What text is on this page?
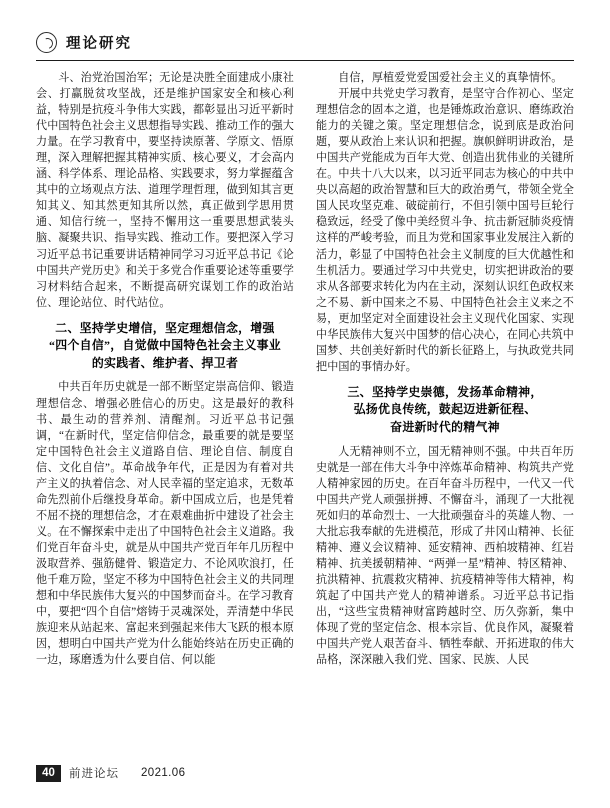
理论研究

斗、治党治国治军；无论是决胜全面建成小康社会、打赢脱贫攻坚战，还是维护国家安全和核心利益，特别是抗疫斗争伟大实践，都彰显出习近平新时代中国特色社会主义思想指导实践、推动工作的强大力量。在学习教育中，要坚持读原著、学原文、悟原理，深入理解把握其精神实质、核心要义，才会高内涵、科学体系、理论品格、实践要求，努力掌握蕴含其中的立场观点方法、道理学理哲理，做到知其言更知其义、知其然更知其所以然，真正做到学思用贯通、知信行统一，坚持不懈用这一重要思想武装头脑、凝聚共识、指导实践、推动工作。要把深入学习习近平总书记重要讲话精神同学习习近平总书记《论中国共产党历史》和关于多党合作重要论述等重要学习材料结合起来，不断提高研究谋划工作的政治站位、理论站位、时代站位。

二、坚持学史增信，坚定理想信念，增强
“四个自信”，自觉做中国特色社会主义事业
的实践者、维护者、捍卫者

中共百年历史就是一部不断坚定崇高信仰、锻造理想信念、增强必胜信心的历史。这是最好的教科书、最生动的营养剂、清醒剂。习近平总书记强调，“在新时代，坚定信仰信念，最重要的就是要坚定中国特色社会主义道路自信、理论自信、制度自信、文化自信”。革命战争年代，正是因为有着对共产主义的执着信念、对人民幸福的坚定追求，无数革命先烈前仆后继投身革命。新中国成立后，也是凭着不屈不挠的理想信念，才在艰难曲折中建设了社会主义。在不懈探索中走出了中国特色社会主义道路。我们党百年奋斗史，就是从中国共产党百年年几历程中汲取营养、强筋健骨、锻造定力、不论风吹浪打，任他千难万险，坚定不移为中国特色社会主义的共同理想和中华民族伟大复兴的中国梦而奋斗。在学习教育中，要把“四个自信”熔铸于灵魂深处，弄清楚中华民族迎来从站起来、富起来到强起来伟大飞跃的根本原因，想明白中国共产党为什么能始终站在历史正确的一边，琢磨透为什么要自信、何以能

自信，厚植爱党爱国爱社会主义的真挚情怀。

开展中共党史学习教育，是坚守合作初心、坚定理想信念的固本之道，也是锤炼政治意识、磨练政治能力的关键之策。坚定理想信念，说到底是政治问题，要从政治上来认识和把握。旗帜鲜明讲政治，是中国共产党能成为百年大党、创造出犹伟业的关键所在。中共十八大以来，以习近平同志为核心的中共中央以高超的政治智慧和巨大的政治勇气，带领全党全国人民攻坚克难、破碇前行，不但引领中国号巨轮行稳致远，经受了像中美经贸斗争、抗击新冠肺炎疫情这样的严峻考验，而且为党和国家事业发展注入新的活力，彰显了中国特色社会主义制度的巨大优越性和生机活力。要通过学习中共党史，切实把讲政治的要求从各部要求转化为内在主动，深刻认识红色政权来之不易、新中国来之不易、中国特色社会主义来之不易，更加坚定对全面建设社会主义现代化国家、实现中华民族伟大复兴中国梦的信心决心，在同心共筑中国梦、共创美好新时代的新长征路上，与执政党共同把中国的事情办好。

三、坚持学史崇德，发扬革命精神，
弘扬优良传统，鼓起迈进新征程、
奋进新时代的精气神

人无精神则不立，国无精神则不强。中共百年历史就是一部在伟大斗争中淬炼革命精神、构筑共产党人精神家园的历史。在百年奋斗历程中，一代又一代中国共产党人顽强拼搏、不懈奋斗，涌现了一大批视死如归的革命烈士、一大批顽强奋斗的英雄人物、一大批忘我奉献的先进模范，形成了井冈山精神、长征精神、遵义会议精神、延安精神、西柏坡精神、红岩精神、抗美援朝精神、“两弹一星”精神、特区精神、抗洪精神、抗震救灾精神、抗疫精神等伟大精神，构筑起了中国共产党人的精神谱系。习近平总书记指出，“这些宝贵精神财富跨越时空、历久弥新，集中体现了党的坚定信念、根本宗旨、优良作风，凝聚着中国共产党人艰苦奋斗、牺牲奉献、开拓进取的伟大品格，深深融入我们党、国家、民族、人民

40	前进论坛 2021.06
